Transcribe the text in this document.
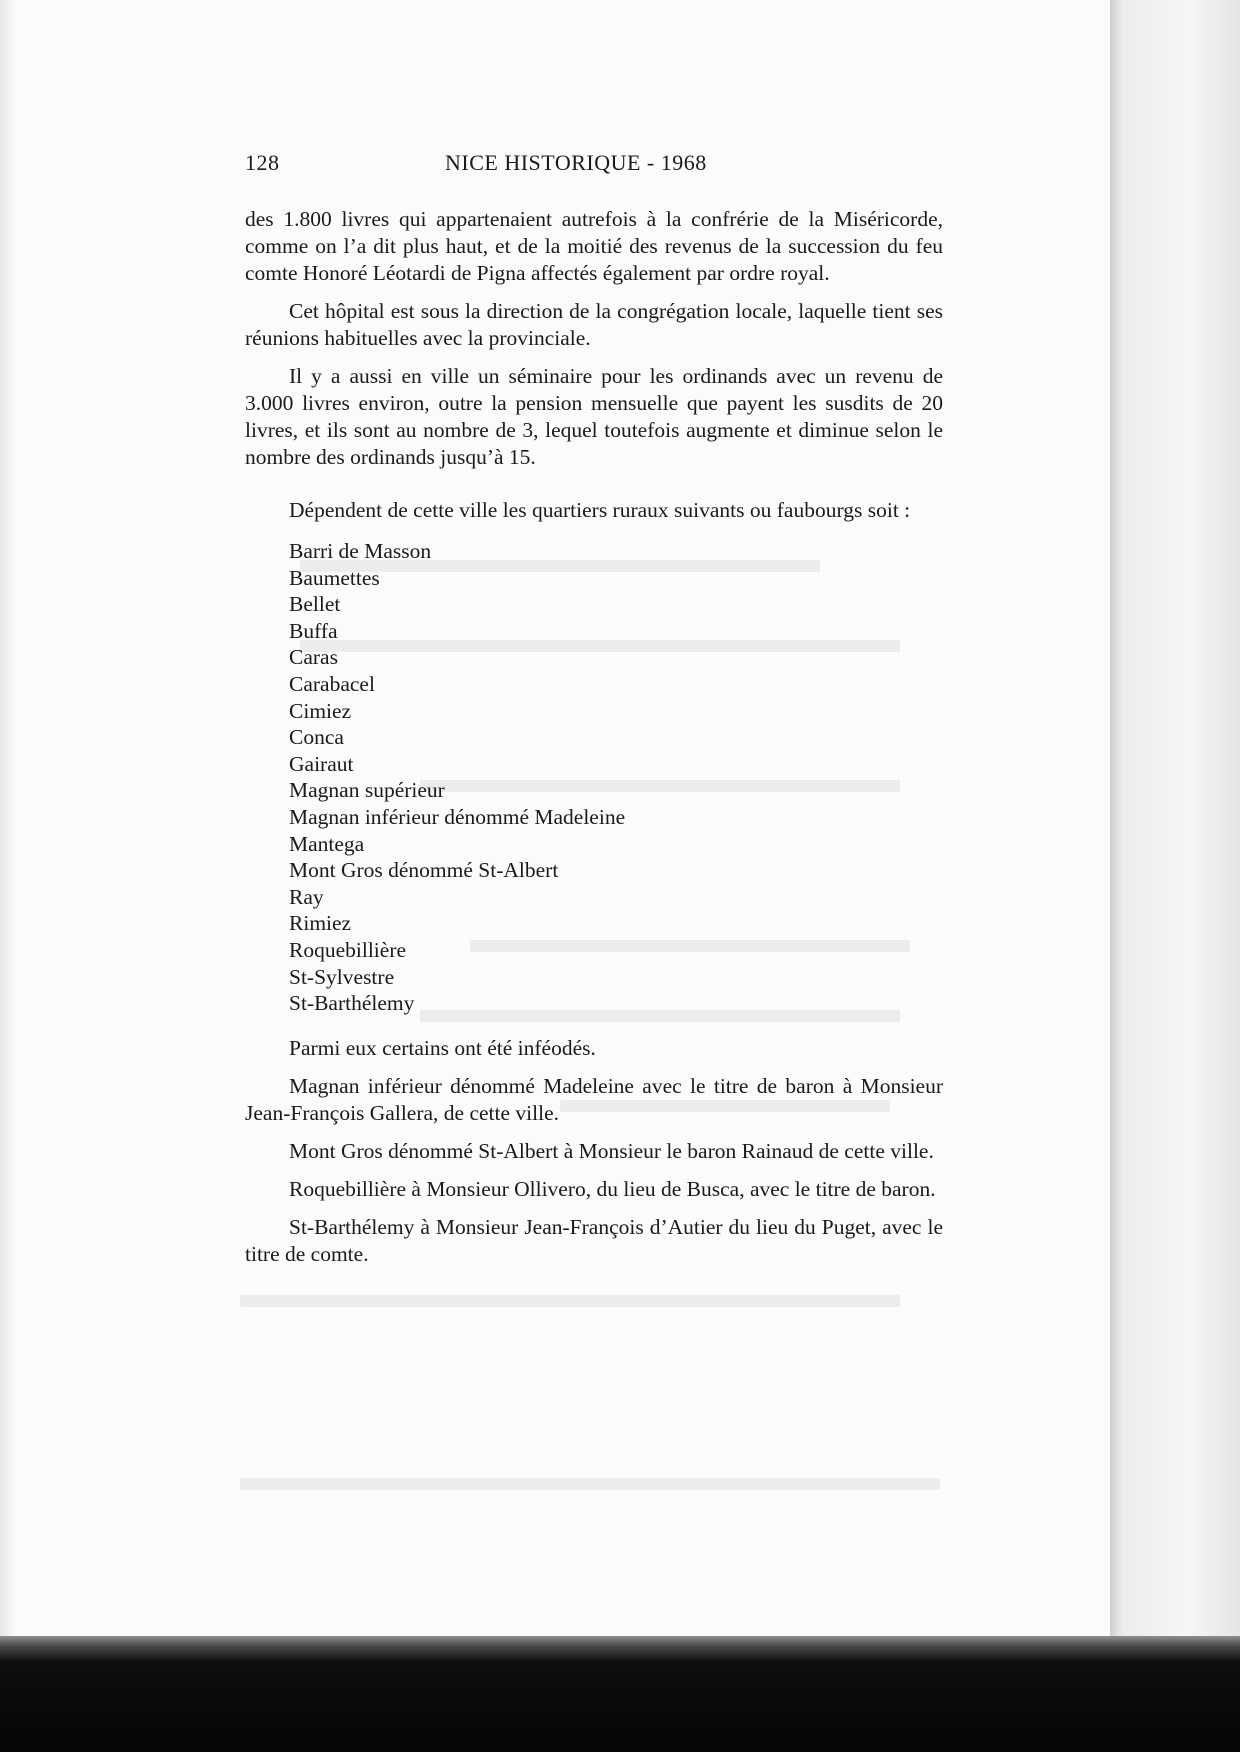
128	NICE HISTORIQUE - 1968

des 1.800 livres qui appartenaient autrefois à la confrérie de la Miséricorde, comme on l’a dit plus haut, et de la moitié des revenus de la succession du feu comte Honoré Léotardi de Pigna affectés également par ordre royal.

Cet hôpital est sous la direction de la congrégation locale, laquelle tient ses réunions habituelles avec la provinciale.

Il y a aussi en ville un séminaire pour les ordinands avec un revenu de 3.000 livres environ, outre la pension mensuelle que payent les susdits de 20 livres, et ils sont au nombre de 3, lequel toutefois augmente et diminue selon le nombre des ordinands jusqu’à 15.

Dépendent de cette ville les quartiers ruraux suivants ou faubourgs soit :

Barri de Masson
Baumettes
Bellet
Buffa
Caras
Carabacel
Cimiez
Conca
Gairaut
Magnan supérieur
Magnan inférieur dénommé Madeleine
Mantega
Mont Gros dénommé St-Albert
Ray
Rimiez
Roquebillière
St-Sylvestre
St-Barthélemy

Parmi eux certains ont été inféodés.

Magnan inférieur dénommé Madeleine avec le titre de baron à Monsieur Jean-François Gallera, de cette ville.

Mont Gros dénommé St-Albert à Monsieur le baron Rainaud de cette ville.

Roquebillière à Monsieur Ollivero, du lieu de Busca, avec le titre de baron.

St-Barthélemy à Monsieur Jean-François d’Autier du lieu du Puget, avec le titre de comte.
